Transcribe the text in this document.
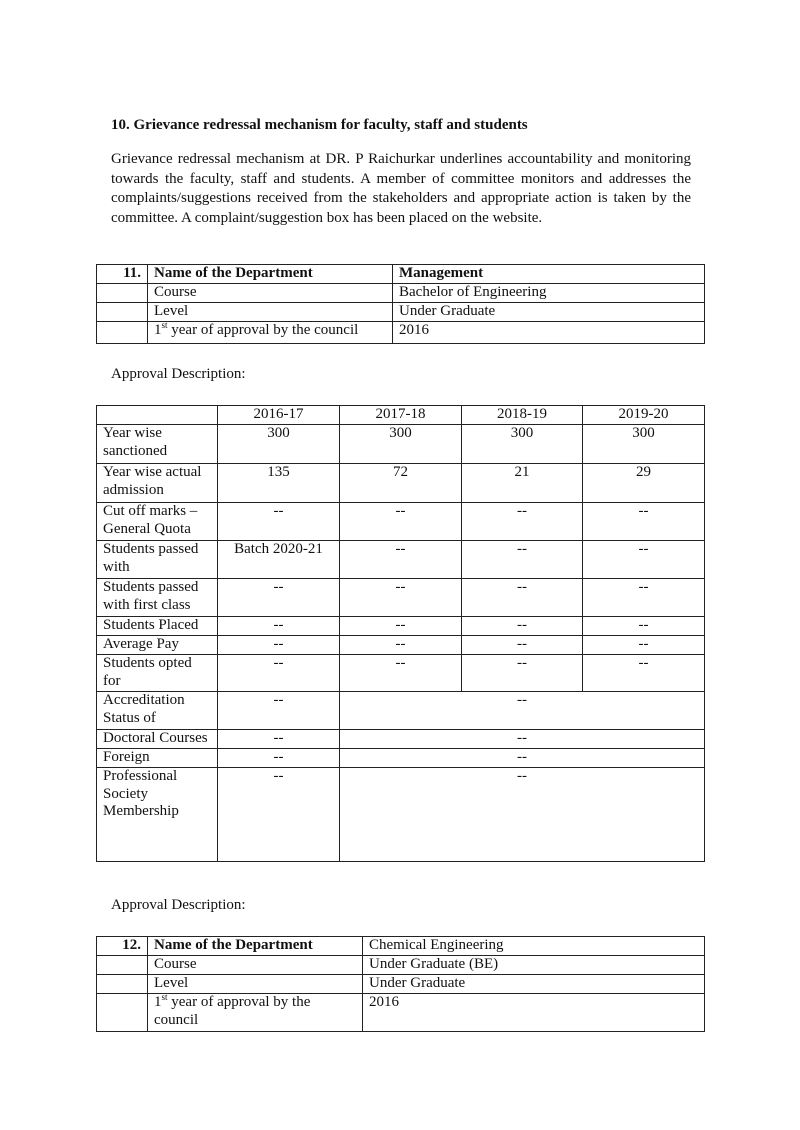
10. Grievance redressal mechanism for faculty, staff and students
Grievance redressal mechanism at DR. P Raichurkar underlines accountability and monitoring towards the faculty, staff and students. A member of committee monitors and addresses the complaints/suggestions received from the stakeholders and appropriate action is taken by the committee. A complaint/suggestion box has been placed on the website.
11.	Name of the Department	Management
	Course	Bachelor of Engineering
	Level	Under Graduate
	1st year of approval by the council	2016
Approval Description:
	2016-17	2017-18	2018-19	2019-20
Year wise sanctioned	300	300	300	300
Year wise actual admission	135	72	21	29
Cut off marks – General Quota	--	--	--	--
Students passed with	Batch 2020-21	--	--	--
Students passed with first class	--	--	--	--
Students Placed	--	--	--	--
Average Pay	--	--	--	--
Students opted for	--	--	--	--
Accreditation Status of	--	--		
Doctoral Courses	--	--		
Foreign	--	--		
Professional Society Membership	--	--		
Approval Description:
12.	Name of the Department	Chemical Engineering
	Course	Under Graduate (BE)
	Level	Under Graduate
	1st year of approval by the council	2016
